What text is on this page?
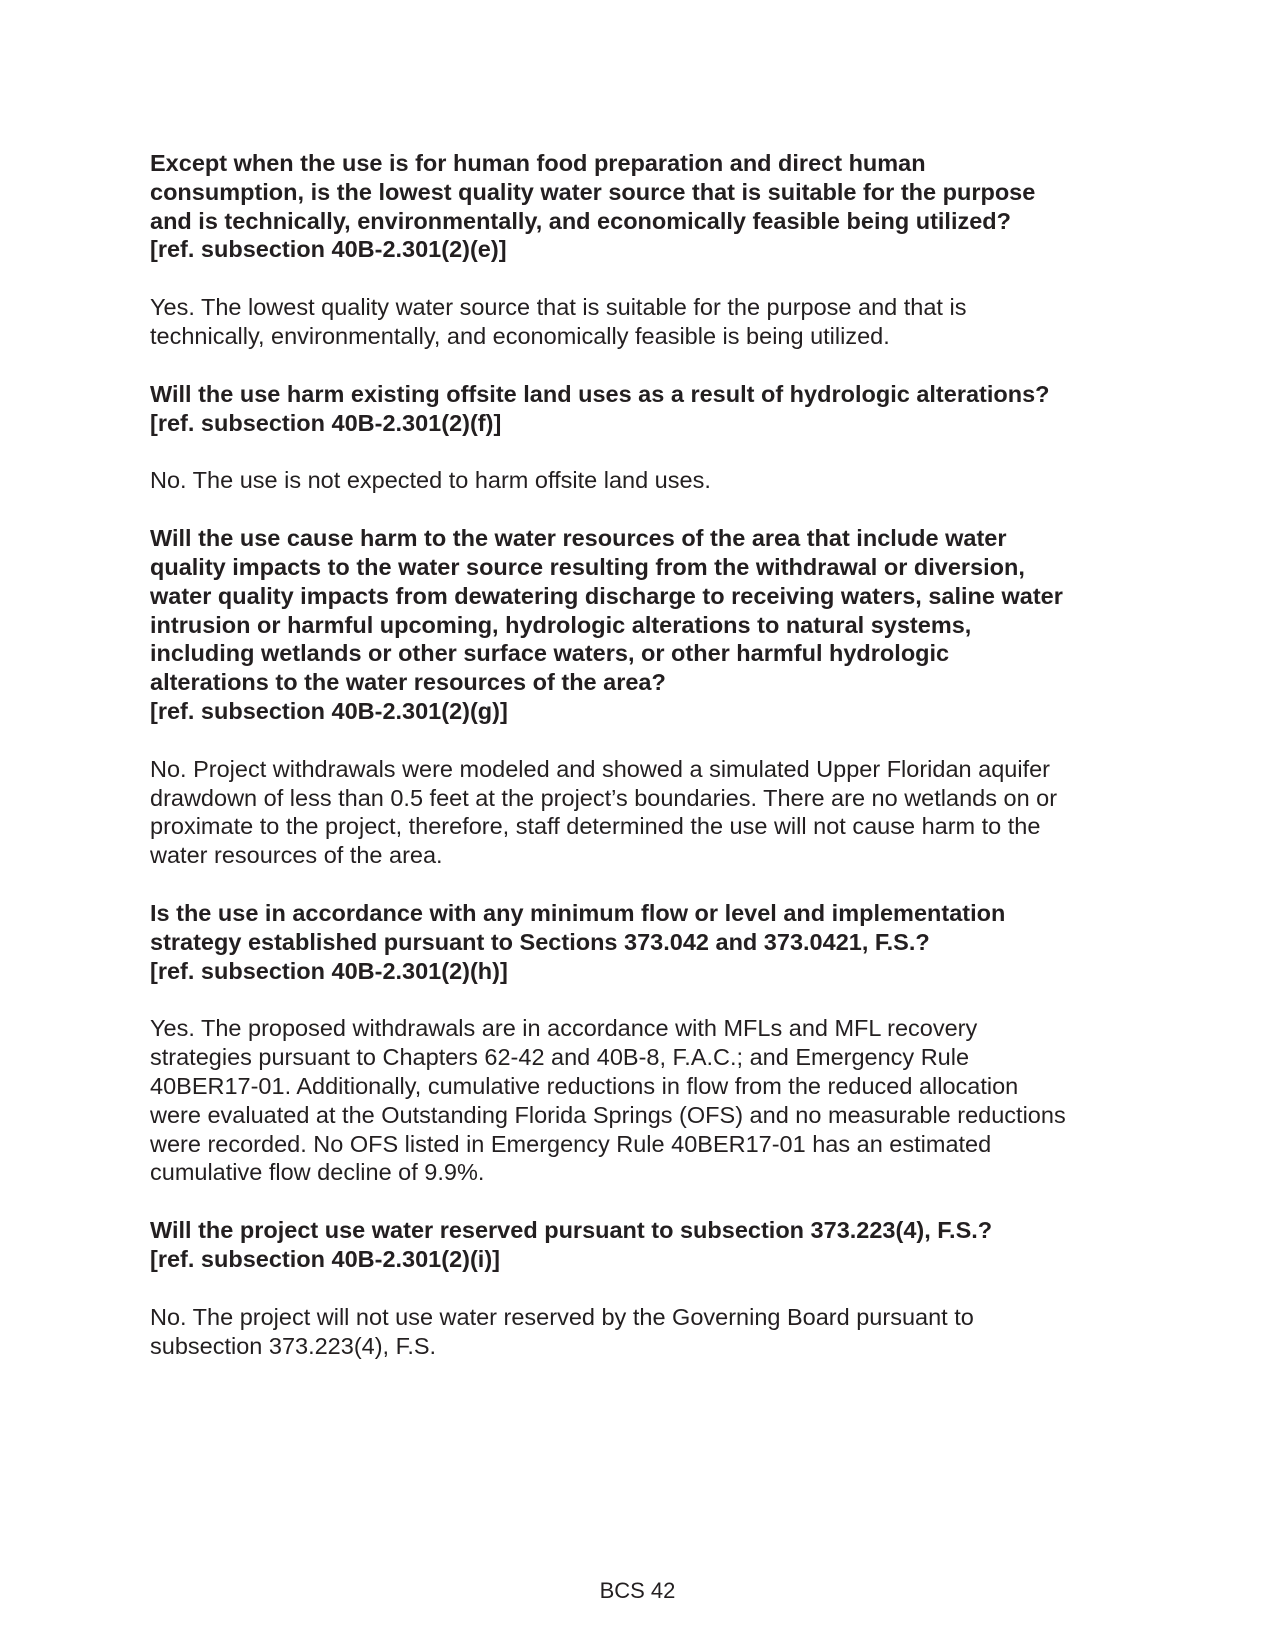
Except when the use is for human food preparation and direct human
consumption, is the lowest quality water source that is suitable for the purpose
and is technically, environmentally, and economically feasible being utilized?
[ref. subsection 40B-2.301(2)(e)]
Yes. The lowest quality water source that is suitable for the purpose and that is
technically, environmentally, and economically feasible is being utilized.
Will the use harm existing offsite land uses as a result of hydrologic alterations?
[ref. subsection 40B-2.301(2)(f)]
No. The use is not expected to harm offsite land uses.
Will the use cause harm to the water resources of the area that include water
quality impacts to the water source resulting from the withdrawal or diversion,
water quality impacts from dewatering discharge to receiving waters, saline water
intrusion or harmful upcoming, hydrologic alterations to natural systems,
including wetlands or other surface waters, or other harmful hydrologic
alterations to the water resources of the area?
[ref. subsection 40B-2.301(2)(g)]
No. Project withdrawals were modeled and showed a simulated Upper Floridan aquifer
drawdown of less than 0.5 feet at the project’s boundaries. There are no wetlands on or
proximate to the project, therefore, staff determined the use will not cause harm to the
water resources of the area.
Is the use in accordance with any minimum flow or level and implementation
strategy established pursuant to Sections 373.042 and 373.0421, F.S.?
[ref. subsection 40B-2.301(2)(h)]
Yes. The proposed withdrawals are in accordance with MFLs and MFL recovery
strategies pursuant to Chapters 62-42 and 40B-8, F.A.C.; and Emergency Rule
40BER17-01. Additionally, cumulative reductions in flow from the reduced allocation
were evaluated at the Outstanding Florida Springs (OFS) and no measurable reductions
were recorded. No OFS listed in Emergency Rule 40BER17-01 has an estimated
cumulative flow decline of 9.9%.
Will the project use water reserved pursuant to subsection 373.223(4), F.S.?
[ref. subsection 40B-2.301(2)(i)]
No. The project will not use water reserved by the Governing Board pursuant to
subsection 373.223(4), F.S.
BCS 42
